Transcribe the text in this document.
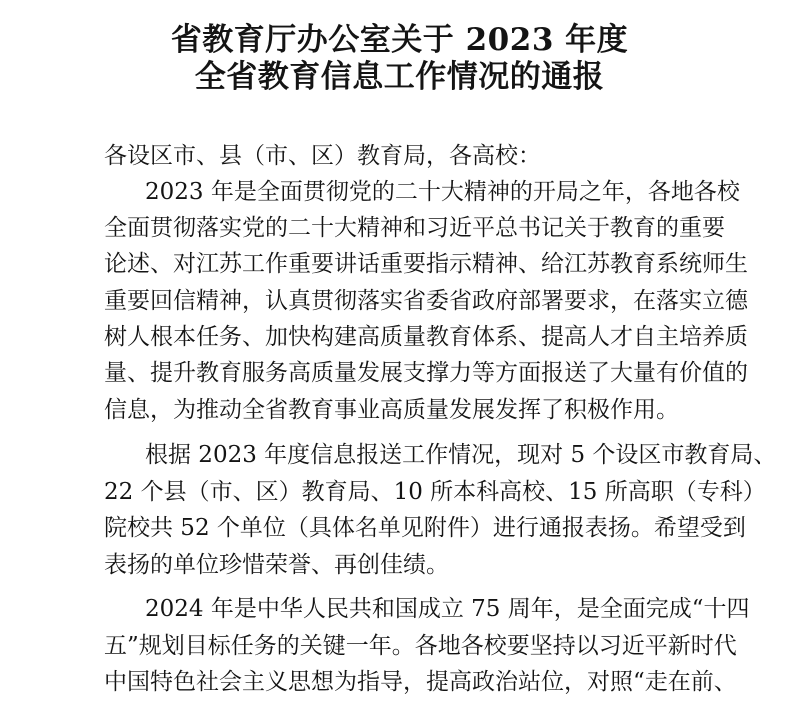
省教育厅办公室关于 2023 年度
全省教育信息工作情况的通报
各设区市、县（市、区）教育局，各高校：
2023 年是全面贯彻党的二十大精神的开局之年，各地各校
全面贯彻落实党的二十大精神和习近平总书记关于教育的重要
论述、对江苏工作重要讲话重要指示精神、给江苏教育系统师生
重要回信精神，认真贯彻落实省委省政府部署要求，在落实立德
树人根本任务、加快构建高质量教育体系、提高人才自主培养质
量、提升教育服务高质量发展支撑力等方面报送了大量有价值的
信息，为推动全省教育事业高质量发展发挥了积极作用。
根据 2023 年度信息报送工作情况，现对 5 个设区市教育局、
22 个县（市、区）教育局、10 所本科高校、15 所高职（专科）
院校共 52 个单位（具体名单见附件）进行通报表扬。希望受到
表扬的单位珍惜荣誉、再创佳绩。
2024 年是中华人民共和国成立 75 周年，是全面完成“十四
五”规划目标任务的关键一年。各地各校要坚持以习近平新时代
中国特色社会主义思想为指导，提高政治站位，对照“走在前、
